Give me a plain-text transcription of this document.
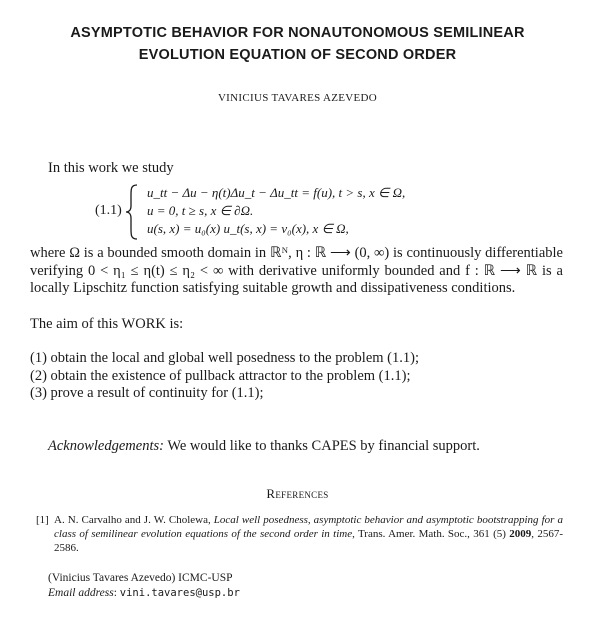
ASYMPTOTIC BEHAVIOR FOR NONAUTONOMOUS SEMILINEAR
EVOLUTION EQUATION OF SECOND ORDER
VINICIUS TAVARES AZEVEDO
In this work we study
(1.1)
u_tt − Δu − η(t)Δu_t − Δu_tt = f(u), t > s, x ∈ Ω,
u = 0, t ≥ s, x ∈ ∂Ω.
u(s, x) = u₀(x) u_t(s, x) = v₀(x), x ∈ Ω,
where Ω is a bounded smooth domain in ℝᴺ, η : ℝ ⟶ (0, ∞) is continuously differentiable verifying 0 < η₁ ≤ η(t) ≤ η₂ < ∞ with derivative uniformly bounded and f : ℝ ⟶ ℝ is a locally Lipschitz function satisfying suitable growth and dissipativeness conditions.
The aim of this WORK is:
(1) obtain the local and global well posedness to the problem (1.1);
(2) obtain the existence of pullback attractor to the problem (1.1);
(3) prove a result of continuity for (1.1);
Acknowledgements: We would like to thanks CAPES by financial support.
References
[1] A. N. Carvalho and J. W. Cholewa, Local well posedness, asymptotic behavior and asymptotic bootstrapping for a class of semilinear evolution equations of the second order in time, Trans. Amer. Math. Soc., 361 (5) 2009, 2567-2586.
(Vinicius Tavares Azevedo) ICMC-USP
Email address: vini.tavares@usp.br
